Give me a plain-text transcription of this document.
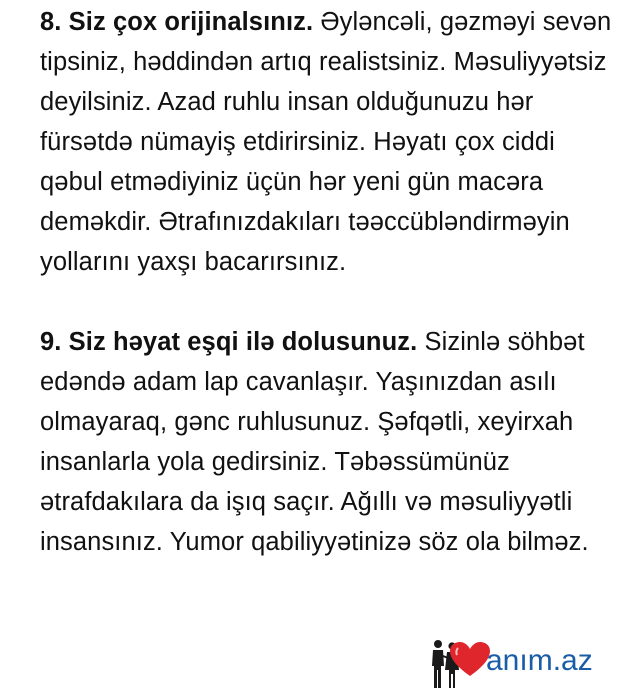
8. Siz çox orijinalsınız. Əyləncəli, gəzməyi sevən tipsiniz, həddindən artıq realistsiniz. Məsuliyyətsiz deyilsiniz. Azad ruhlu insan olduğunuzu hər fürsətdə nümayiş etdirirsiniz. Həyatı çox ciddi qəbul etmədiyiniz üçün hər yeni gün macəra deməkdir. Ətrafınızdakıları təəccübləndirməyin yollarını yaxşı bacarırsınız.

9. Siz həyat eşqi ilə dolusunuz. Sizinlə söhbət edəndə adam lap cavanlaşır. Yaşınızdan asılı olmayaraq, gənc ruhlusunuz. Şəfqətli, xeyirxah insanlarla yola gedirsiniz. Təbəssümünüz ətrafdakılara da işıq saçır. Ağıllı və məsuliyyətli insansınız. Yumor qabiliyyətinizə söz ola bilməz.

anım.az
